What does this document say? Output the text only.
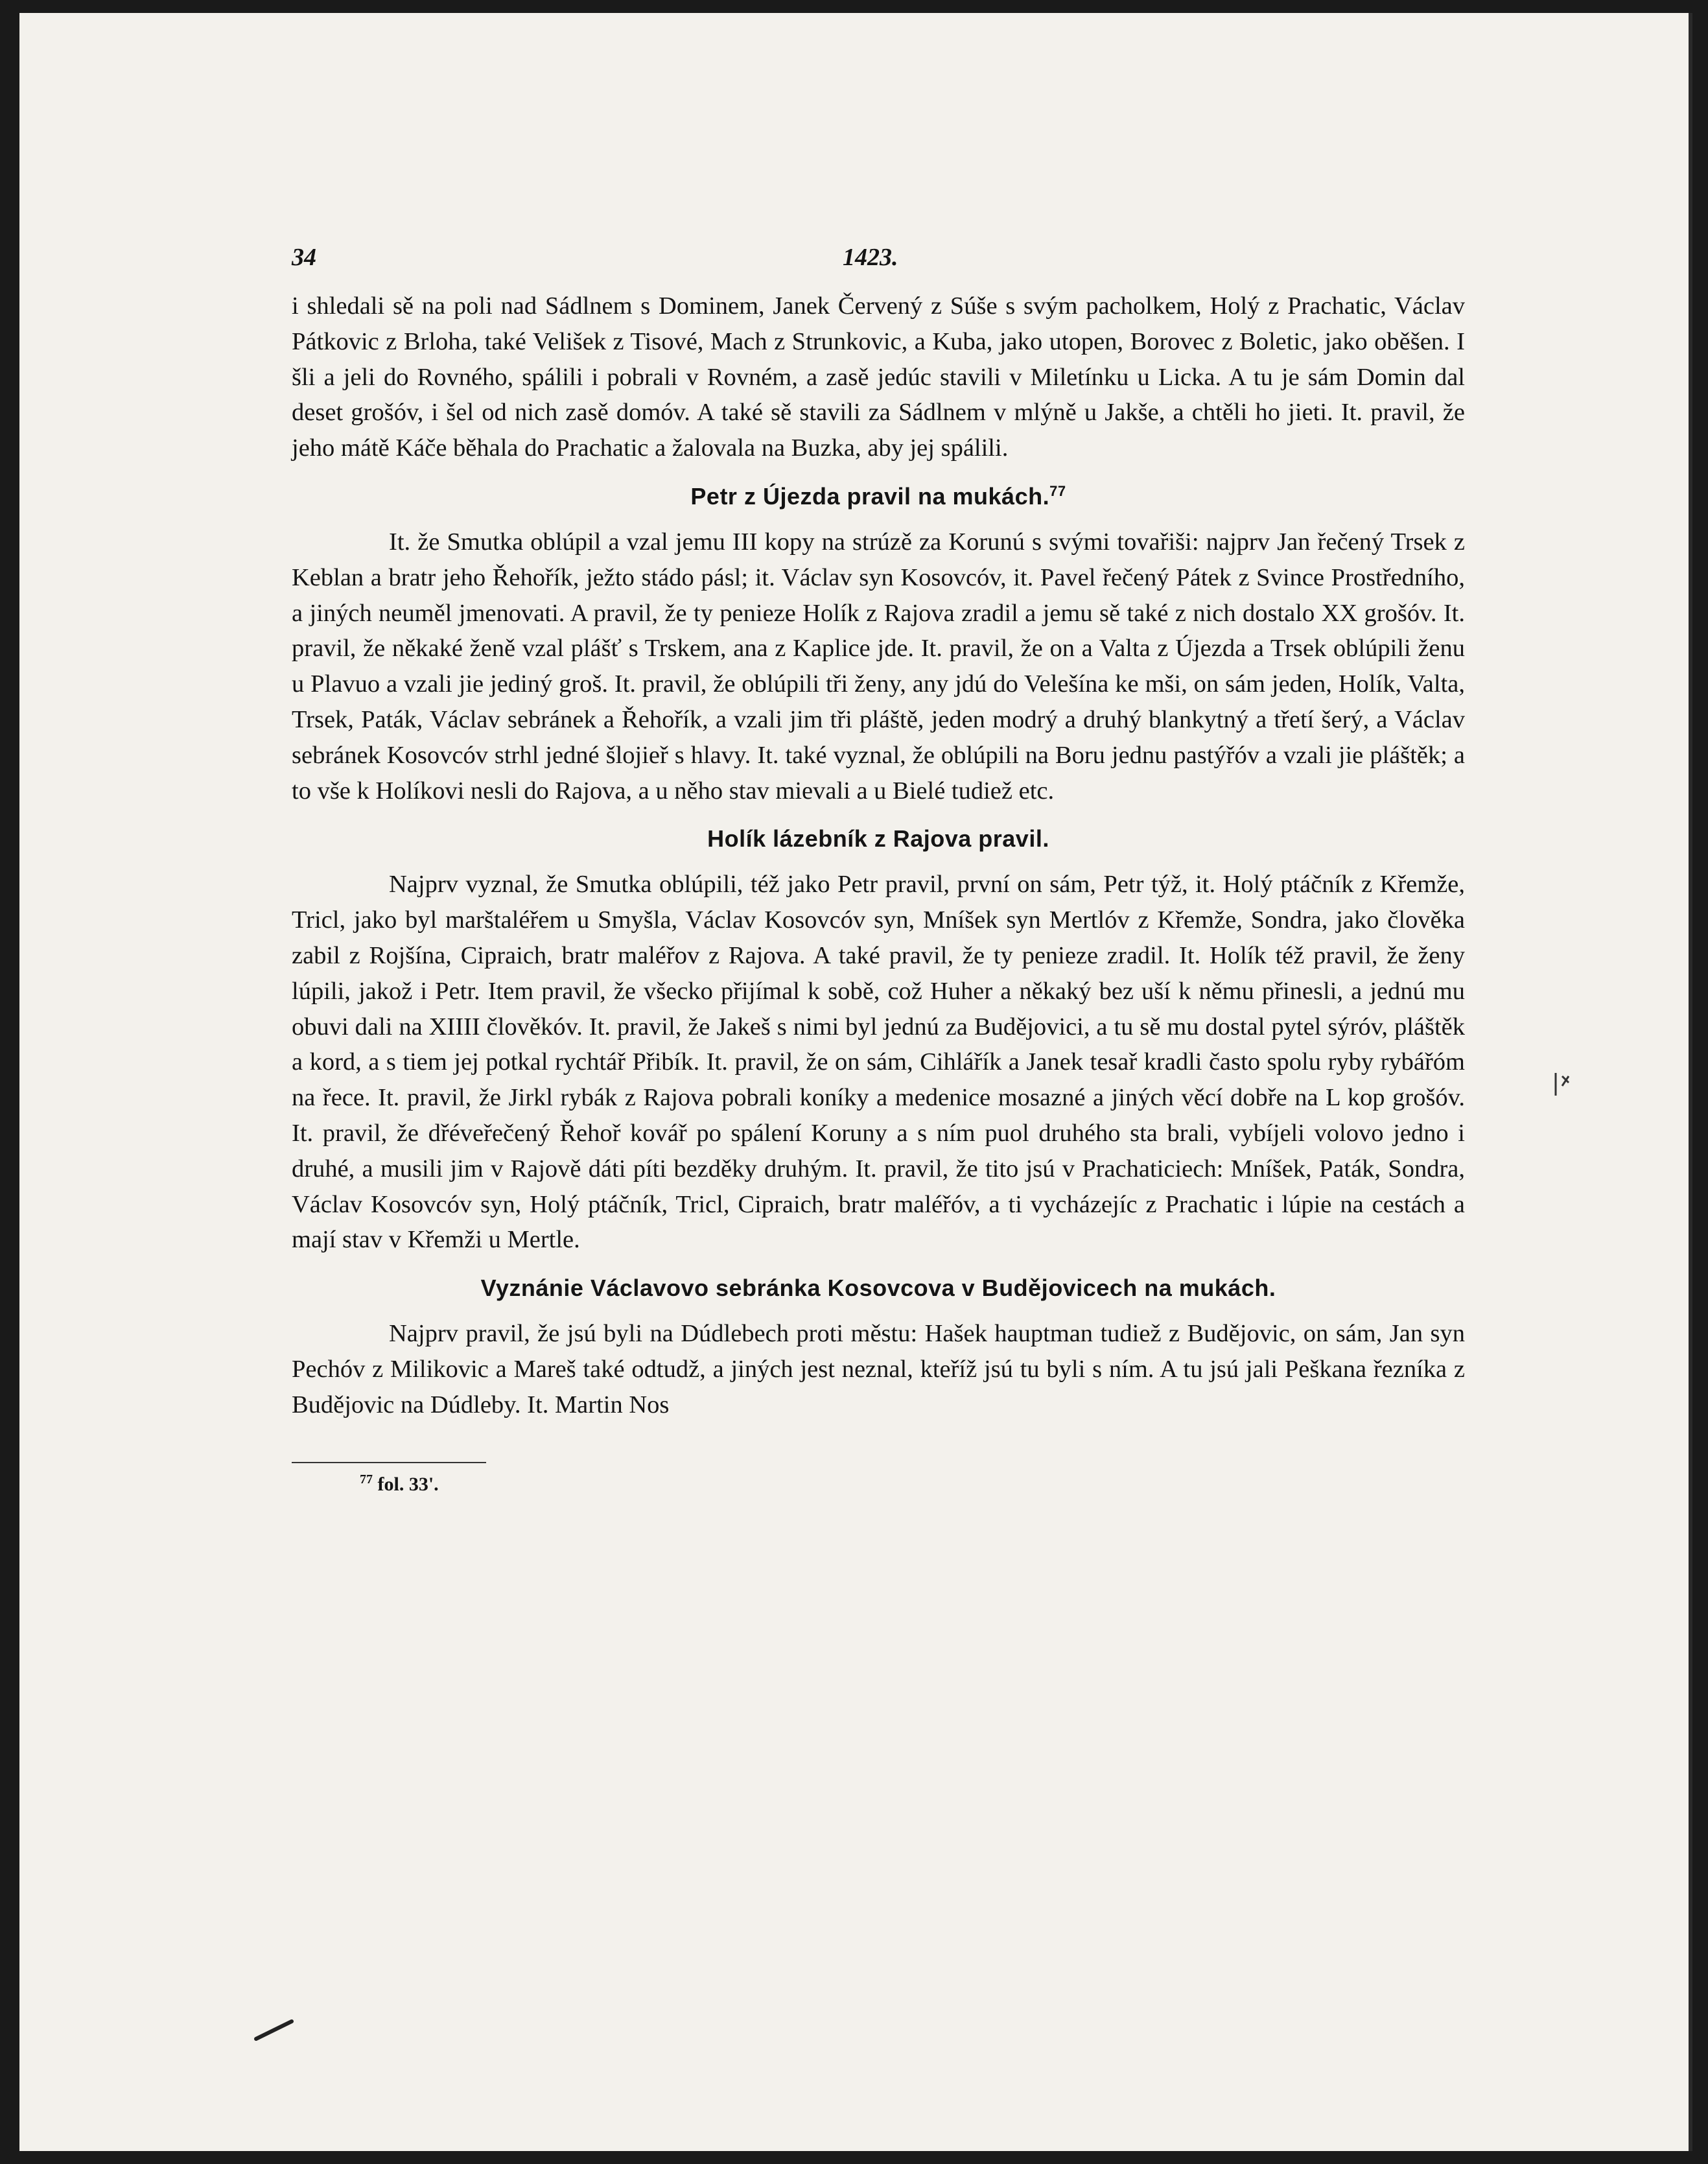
34	1423.

i shledali sě na poli nad Sádlnem s Dominem, Janek Červený z Súše s svým pacholkem, Holý z Prachatic, Václav Pátkovic z Brloha, také Velišek z Tisové, Mach z Strunkovic, a Kuba, jako utopen, Borovec z Boletic, jako oběšen. I šli a jeli do Rovného, spálili i pobrali v Rovném, a zasě jedúc stavili v Miletínku u Licka. A tu je sám Domin dal deset grošóv, i šel od nich zasě domóv. A také sě stavili za Sádlnem v mlýně u Jakše, a chtěli ho jieti. It. pravil, že jeho mátě Káče běhala do Prachatic a žalovala na Buzka, aby jej spálili.

Petr z Újezda pravil na mukách.$^{77}$

It. že Smutka oblúpil a vzal jemu III kopy na strúzě za Korunú s svými tovařiši: najprv Jan řečený Trsek z Keblan a bratr jeho Řehořík, ježto stádo pásl; it. Václav syn Kosovcóv, it. Pavel řečený Pátek z Svince Prostředního, a jiných neuměl jmenovati. A pravil, že ty penieze Holík z Rajova zradil a jemu sě také z nich dostalo XX grošóv. It. pravil, že někaké ženě vzal plášť s Trskem, ana z Kaplice jde. It. pravil, že on a Valta z Újezda a Trsek oblúpili ženu u Plavuo a vzali jie jediný groš. It. pravil, že oblúpili tři ženy, any jdú do Velešína ke mši, on sám jeden, Holík, Valta, Trsek, Paták, Václav sebránek a Řehořík, a vzali jim tři pláště, jeden modrý a druhý blankytný a třetí šerý, a Václav sebránek Kosovcóv strhl jedné šlojieř s hlavy. It. také vyznal, že oblúpili na Boru jednu pastýřóv a vzali jie pláštěk; a to vše k Holíkovi nesli do Rajova, a u něho stav mievali a u Bielé tudiež etc.

Holík lázebník z Rajova pravil.

Najprv vyznal, že Smutka oblúpili, též jako Petr pravil, první on sám, Petr týž, it. Holý ptáčník z Křemže, Tricl, jako byl marštaléřem u Smyšla, Václav Kosovcóv syn, Mníšek syn Mertlóv z Křemže, Sondra, jako člověka zabil z Rojšína, Cipraich, bratr maléřov z Rajova. A také pravil, že ty penieze zradil. It. Holík též pravil, že ženy lúpili, jakož i Petr. Item pravil, že všecko přijímal k sobě, což Huher a někaký bez uší k němu přinesli, a jednú mu obuvi dali na XIIII člověkóv. It. pravil, že Jakeš s nimi byl jednú za Budějovici, a tu sě mu dostal pytel sýróv, pláštěk a kord, a s tiem jej potkal rychtář Přibík. It. pravil, že on sám, Cihlářík a Janek tesař kradli často spolu ryby rybářóm na řece. It. pravil, že Jirkl rybák z Rajova pobrali koníky a medenice mosazné a jiných věcí dobře na L kop grošóv. It. pravil, že dřéveřečený Řehoř kovář po spálení Koruny a s ním puol druhého sta brali, vybíjeli volovo jedno i druhé, a musili jim v Rajově dáti píti bezděky druhým. It. pravil, že tito jsú v Prachaticiech: Mníšek, Paták, Sondra, Václav Kosovcóv syn, Holý ptáčník, Tricl, Cipraich, bratr maléřóv, a ti vycházejíc z Prachatic i lúpie na cestách a mají stav v Křemži u Mertle.

Vyznánie Václavovo sebránka Kosovcova v Budějovicech na mukách.

Najprv pravil, že jsú byli na Dúdlebech proti městu: Hašek hauptman tudiež z Budějovic, on sám, Jan syn Pechóv z Milikovic a Mareš také odtudž, a jiných jest neznal, kteříž jsú tu byli s ním. A tu jsú jali Peškana řezníka z Budějovic na Dúdleby. It. Martin Nos

$^{77}$ fol. 33'.
